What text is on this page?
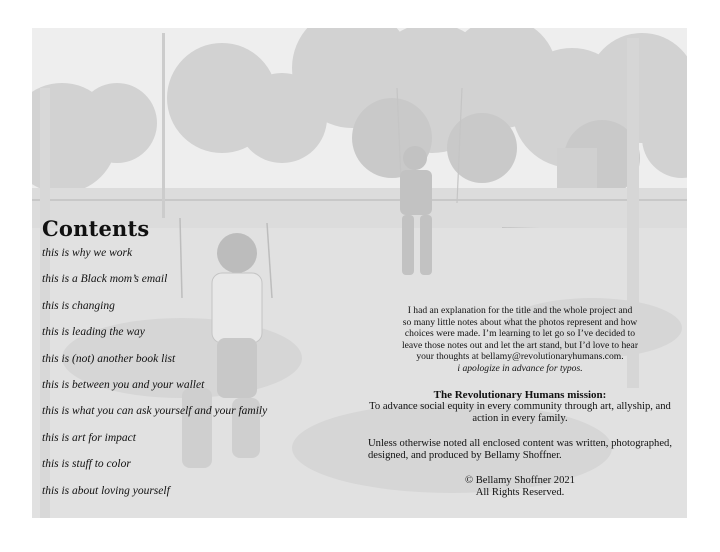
Contents
this is why we work
this is a Black mom’s email
this is changing
this is leading the way
this is (not) another book list
this is between you and your wallet
this is what you can ask yourself and your family
this is art for impact
this is stuff to color
this is about loving yourself
I had an explanation for the title and the whole project and
so many little notes about what the photos represent and how
choices were made. I’m learning to let go so I’ve decided to
leave those notes out and let the art stand, but I’d love to hear
your thoughts at bellamy@revolutionaryhumans.com.
i apologize in advance for typos.
The Revolutionary Humans mission:
To advance social equity in every community through art, allyship, and action in every family.
Unless otherwise noted all enclosed content was written, photographed, designed, and produced by Bellamy Shoffner.
© Bellamy Shoffner 2021
All Rights Reserved.
